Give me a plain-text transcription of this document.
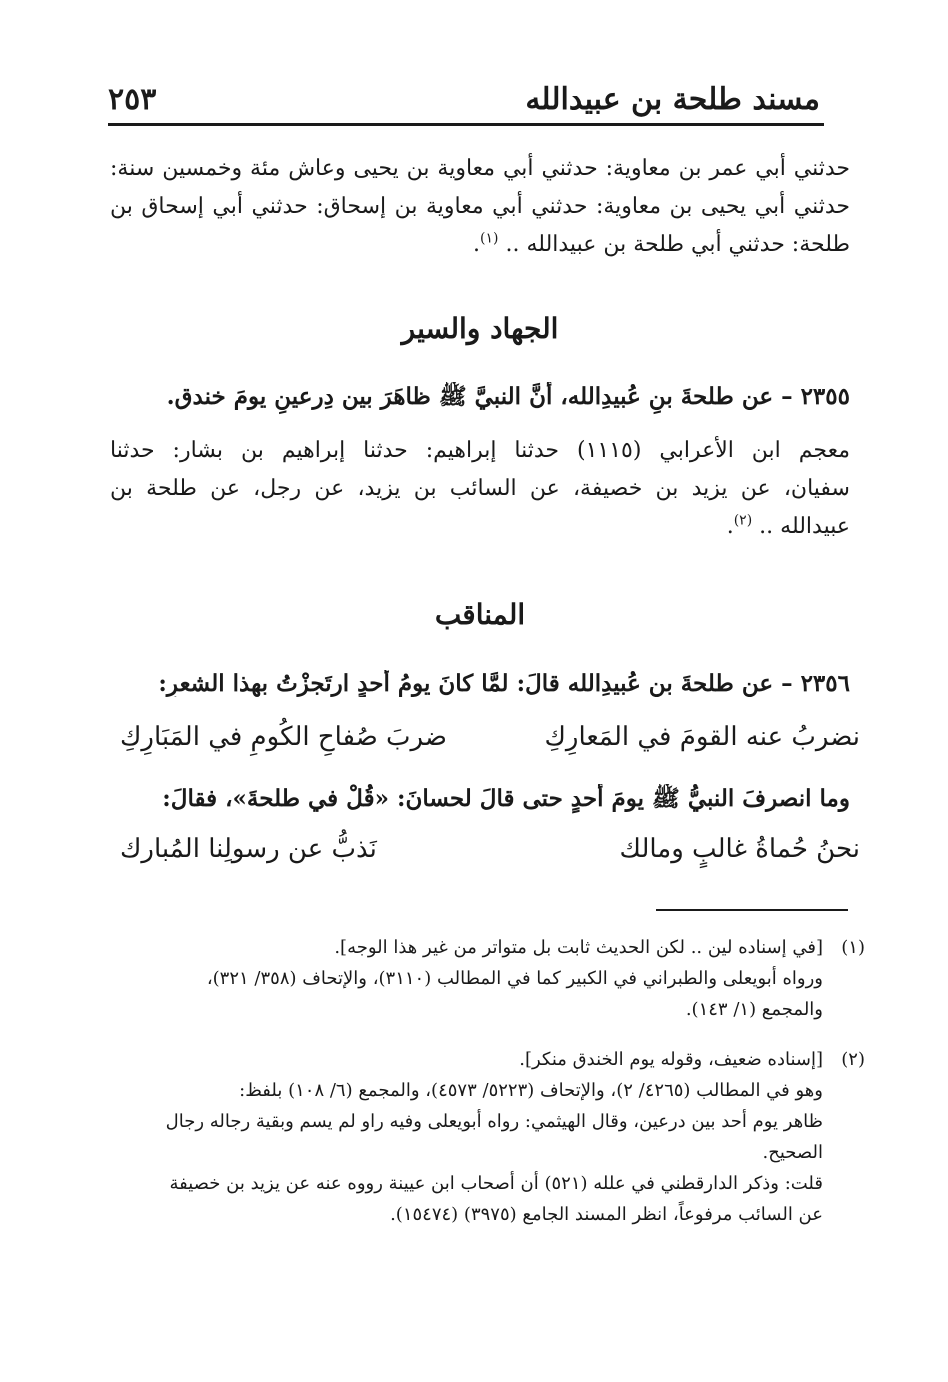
مسند طلحة بن عبيدالله
٢٥٣
حدثني أبي عمر بن معاوية: حدثني أبي معاوية بن يحيى وعاش مئة وخمسين سنة:
حدثني أبي يحيى بن معاوية: حدثني أبي معاوية بن إسحاق: حدثني أبي إسحاق بن
طلحة: حدثني أبي طلحة بن عبيدالله .. $^{(١)}$.
الجهاد والسير
٢٣٥٥ – عن طلحةَ بنِ عُبيدِالله، أنَّ النبيَّ ﷺ ظاهَرَ بين دِرعينِ يومَ خندق.
معجم ابن الأعرابي (١١١٥) حدثنا إبراهيم: حدثنا إبراهيم بن بشار: حدثنا
سفيان، عن يزيد بن خصيفة، عن السائب بن يزيد، عن رجل، عن طلحة بن
عبيدالله .. $^{(٢)}$.
المناقب
٢٣٥٦ – عن طلحةَ بنِ عُبيدِالله قالَ: لمَّا كانَ يومُ أُحدٍ ارتَجزْتُ بهذا الشعرِ:
نضربُ عنه القومَ في المَعارِكِ
ضربَ صُفاحِ الكُومِ في المَبَارِكِ
وما انصرفَ النبيُّ ﷺ يومَ أُحدٍ حتى قالَ لحسانَ: «قُلْ في طلحةَ»، فقالَ:
نحنُ حُماةُ غالبٍ ومالك
نَذبُّ عن رسولِنا المُبارك
(١)
[في إسناده لين .. لكن الحديث ثابت بل متواتر من غير هذا الوجه].
ورواه أبويعلى والطبراني في الكبير كما في المطالب (٣١١٠)، والإتحاف (٣٥٨/ ٣٢١)،
والمجمع (١/ ١٤٣).
(٢)
[إسناده ضعيف، وقوله يوم الخندق منكر].
وهو في المطالب (٤٢٦٥/ ٢)، والإتحاف (٥٢٢٣/ ٤٥٧٣)، والمجمع (٦/ ١٠٨) بلفظ:
ظاهر يوم أحد بين درعين، وقال الهيثمي: رواه أبويعلى وفيه راو لم يسم وبقية رجاله رجال
الصحيح.
قلت: وذكر الدارقطني في علله (٥٢١) أن أصحاب ابن عيينة رووه عنه عن يزيد بن خصيفة
عن السائب مرفوعاً، انظر المسند الجامع (٣٩٧٥) (١٥٤٧٤).
